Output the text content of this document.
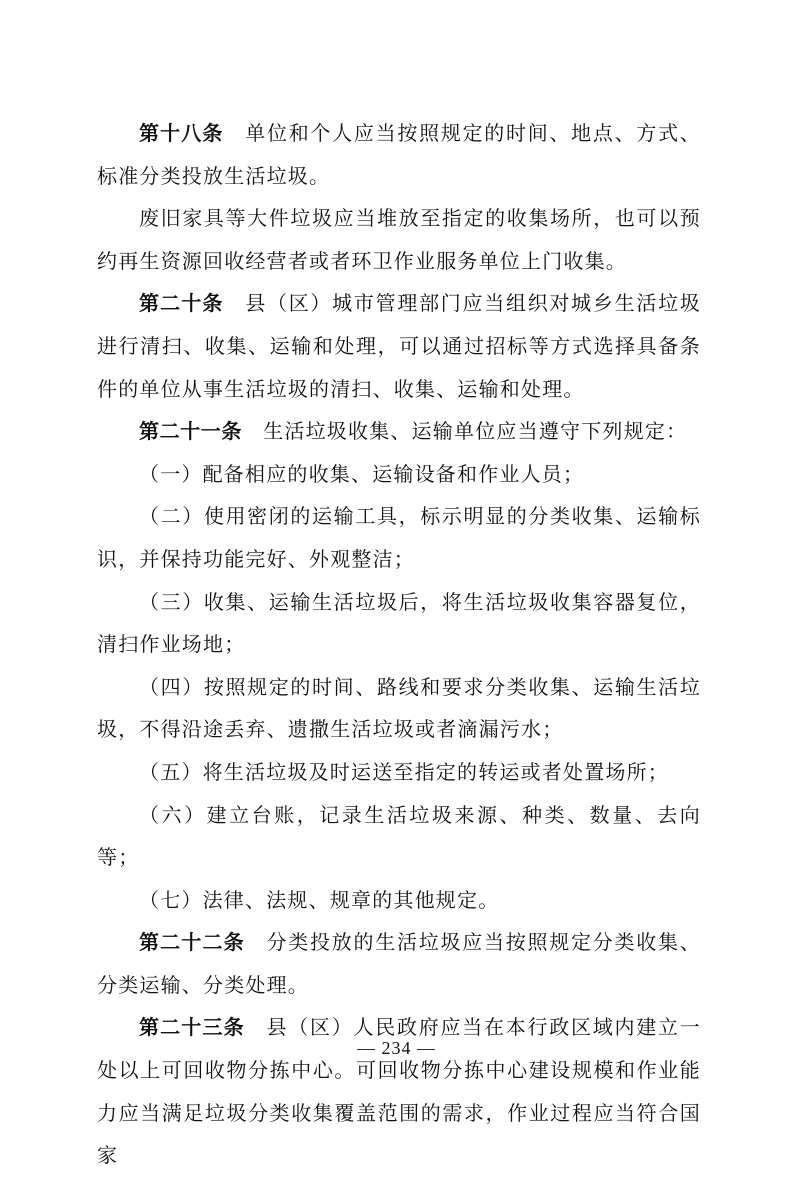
第十八条  单位和个人应当按照规定的时间、地点、方式、标准分类投放生活垃圾。

废旧家具等大件垃圾应当堆放至指定的收集场所，也可以预约再生资源回收经营者或者环卫作业服务单位上门收集。

第二十条  县（区）城市管理部门应当组织对城乡生活垃圾进行清扫、收集、运输和处理，可以通过招标等方式选择具备条件的单位从事生活垃圾的清扫、收集、运输和处理。

第二十一条  生活垃圾收集、运输单位应当遵守下列规定：

（一）配备相应的收集、运输设备和作业人员；

（二）使用密闭的运输工具，标示明显的分类收集、运输标识，并保持功能完好、外观整洁；

（三）收集、运输生活垃圾后，将生活垃圾收集容器复位，清扫作业场地；

（四）按照规定的时间、路线和要求分类收集、运输生活垃圾，不得沿途丢弃、遗撒生活垃圾或者滴漏污水；

（五）将生活垃圾及时运送至指定的转运或者处置场所；

（六）建立台账，记录生活垃圾来源、种类、数量、去向等；

（七）法律、法规、规章的其他规定。

第二十二条  分类投放的生活垃圾应当按照规定分类收集、分类运输、分类处理。

第二十三条  县（区）人民政府应当在本行政区域内建立一处以上可回收物分拣中心。可回收物分拣中心建设规模和作业能力应当满足垃圾分类收集覆盖范围的需求，作业过程应当符合国家

— 234 —
